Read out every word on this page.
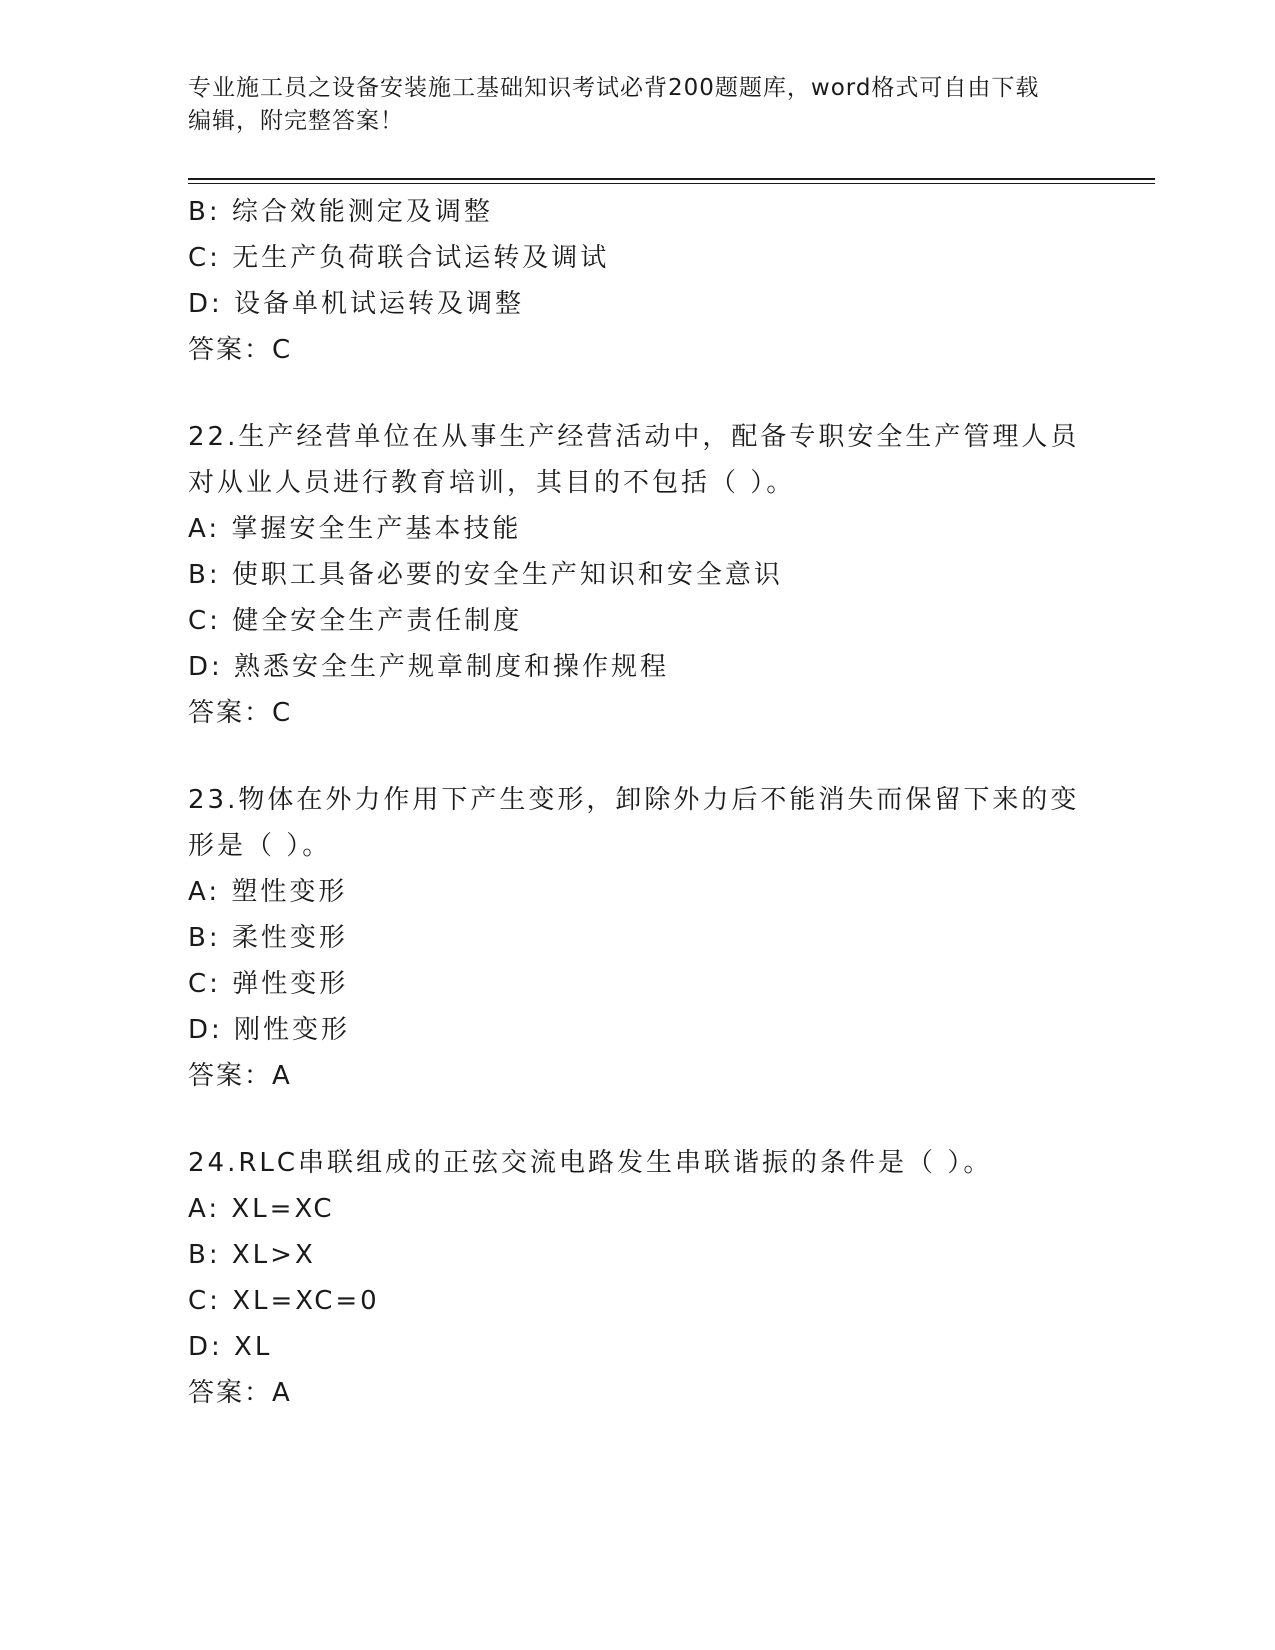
专业施工员之设备安装施工基础知识考试必背200题题库，word格式可自由下载
编辑，附完整答案！
B: 综合效能测定及调整
C: 无生产负荷联合试运转及调试
D: 设备单机试运转及调整
答案：C
22.生产经营单位在从事生产经营活动中，配备专职安全生产管理人员
对从业人员进行教育培训，其目的不包括（ ）。
A: 掌握安全生产基本技能
B: 使职工具备必要的安全生产知识和安全意识
C: 健全安全生产责任制度
D: 熟悉安全生产规章制度和操作规程
答案：C
23.物体在外力作用下产生变形，卸除外力后不能消失而保留下来的变
形是（ ）。
A: 塑性变形
B: 柔性变形
C: 弹性变形
D: 刚性变形
答案：A
24.RLC串联组成的正弦交流电路发生串联谐振的条件是（ ）。
A: XL=XC
B: XL>X
C: XL=XC=0
D: XL
答案：A
